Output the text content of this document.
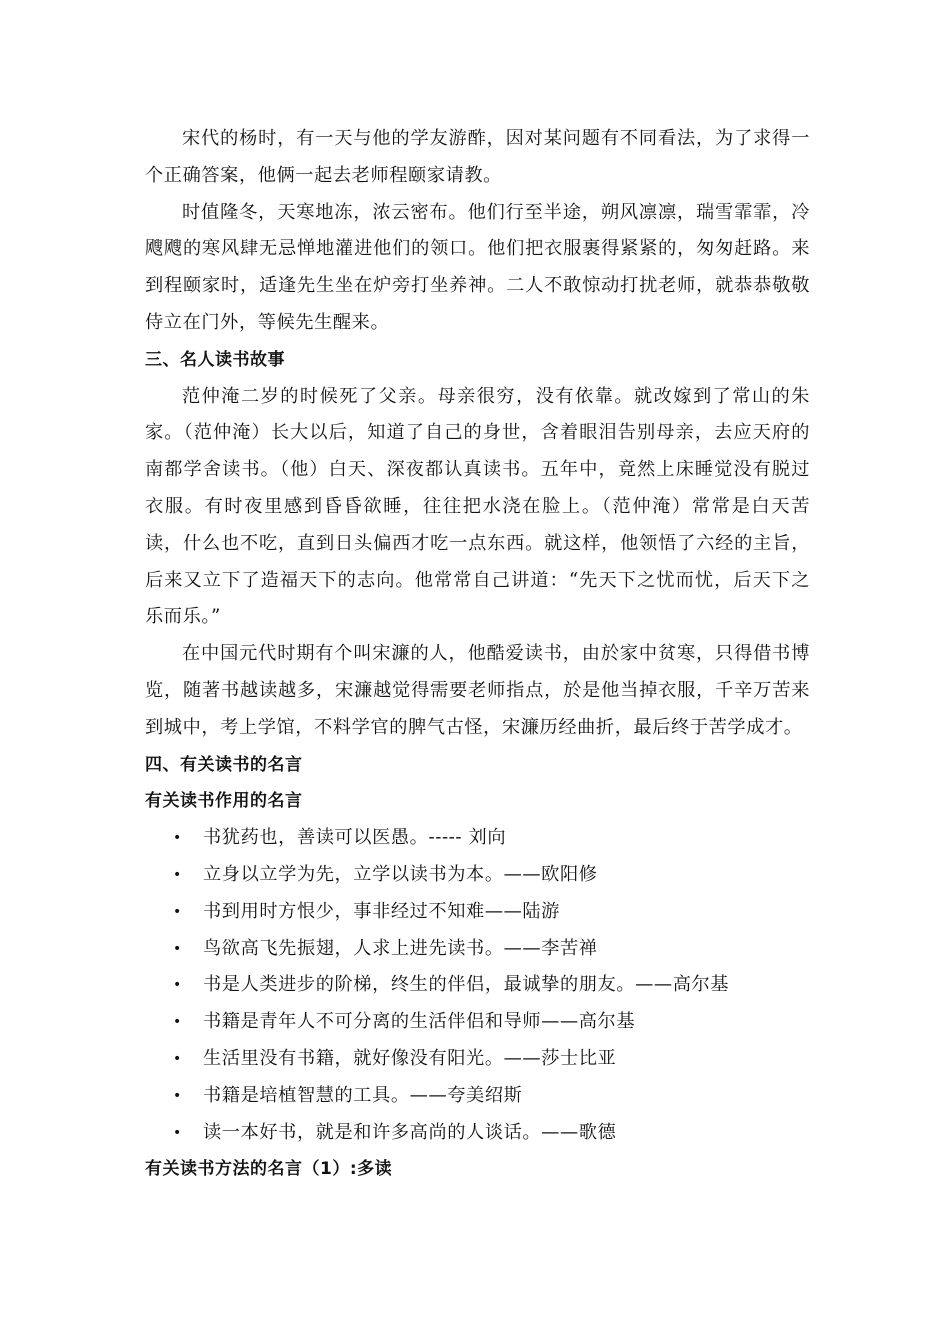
宋代的杨时，有一天与他的学友游酢，因对某问题有不同看法，为了求得一个正确答案，他俩一起去老师程颐家请教。

时值隆冬，天寒地冻，浓云密布。他们行至半途，朔风凛凛，瑞雪霏霏，冷飕飕的寒风肆无忌惮地灌进他们的领口。他们把衣服裹得紧紧的，匆匆赶路。来到程颐家时，适逢先生坐在炉旁打坐养神。二人不敢惊动打扰老师，就恭恭敬敬侍立在门外，等候先生醒来。

三、名人读书故事

范仲淹二岁的时候死了父亲。母亲很穷，没有依靠。就改嫁到了常山的朱家。（范仲淹）长大以后，知道了自己的身世，含着眼泪告别母亲，去应天府的南都学舍读书。（他）白天、深夜都认真读书。五年中，竟然上床睡觉没有脱过衣服。有时夜里感到昏昏欲睡，往往把水浇在脸上。（范仲淹）常常是白天苦读，什么也不吃，直到日头偏西才吃一点东西。就这样，他领悟了六经的主旨，后来又立下了造福天下的志向。他常常自己讲道：“先天下之忧而忧，后天下之乐而乐。”

在中国元代时期有个叫宋濂的人，他酷爱读书，由於家中贫寒，只得借书博览，随著书越读越多，宋濂越觉得需要老师指点，於是他当掉衣服，千辛万苦来到城中，考上学馆，不料学官的脾气古怪，宋濂历经曲折，最后终于苦学成才。

四、有关读书的名言
有关读书作用的名言
• 书犹药也，善读可以医愚。----- 刘向
• 立身以立学为先，立学以读书为本。——欧阳修
• 书到用时方恨少，事非经过不知难——陆游
• 鸟欲高飞先振翅，人求上进先读书。——李苦禅
• 书是人类进步的阶梯，终生的伴侣，最诚挚的朋友。——高尔基
• 书籍是青年人不可分离的生活伴侣和导师——高尔基
• 生活里没有书籍，就好像没有阳光。——莎士比亚
• 书籍是培植智慧的工具。——夸美绍斯
• 读一本好书，就是和许多高尚的人谈话。——歌德
有关读书方法的名言（1）:多读
